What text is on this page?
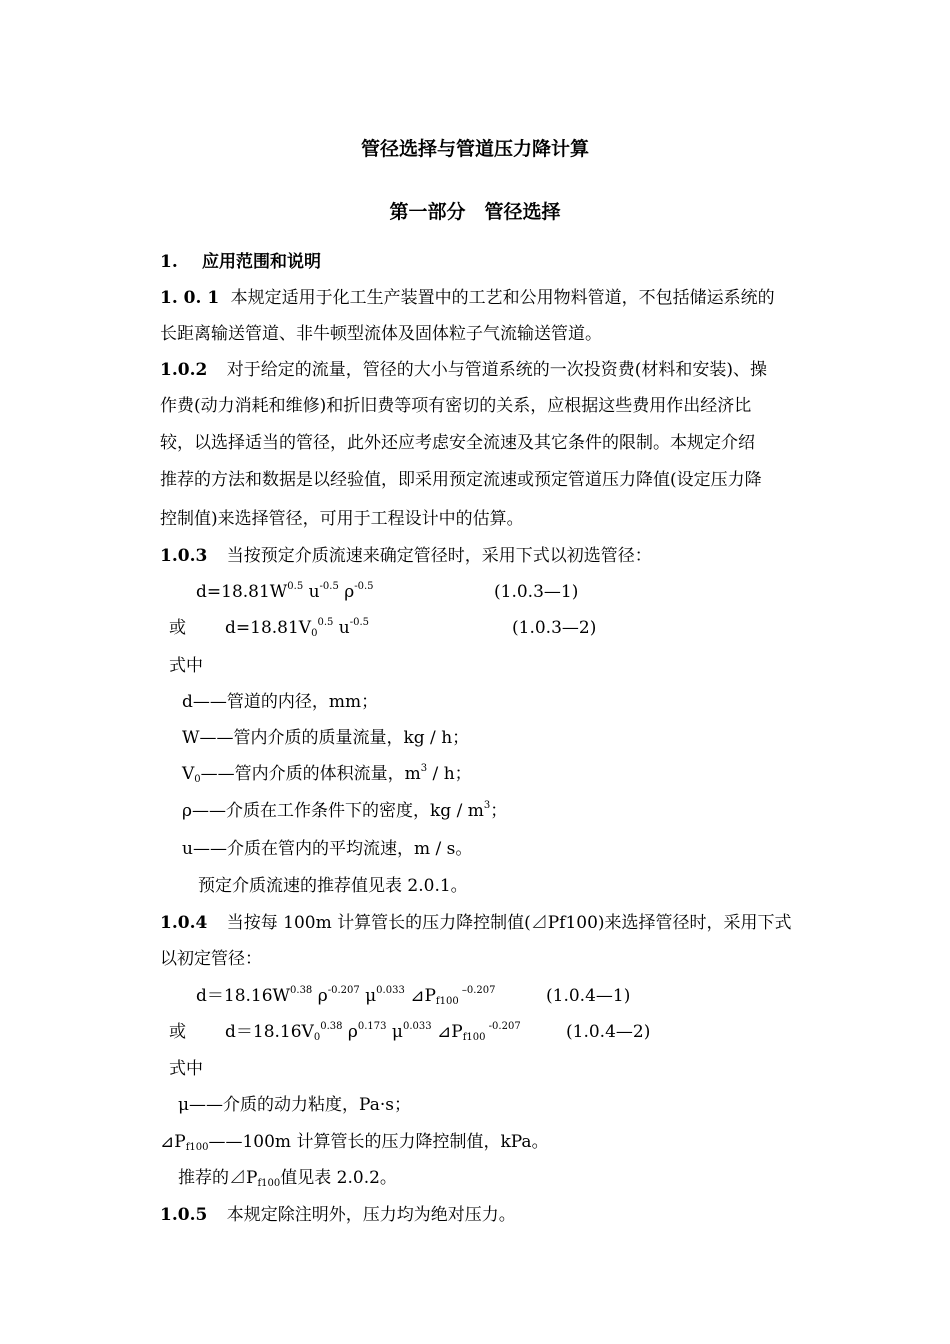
管径选择与管道压力降计算
第一部分　管径选择
1. 应用范围和说明
1. 0. 1 本规定适用于化工生产装置中的工艺和公用物料管道，不包括储运系统的
长距离输送管道、非牛顿型流体及固体粒子气流输送管道。
1.0.2 对于给定的流量，管径的大小与管道系统的一次投资费(材料和安装)、操
作费(动力消耗和维修)和折旧费等项有密切的关系，应根据这些费用作出经济比
较，以选择适当的管径，此外还应考虑安全流速及其它条件的限制。本规定介绍
推荐的方法和数据是以经验值，即采用预定流速或预定管道压力降值(设定压力降
控制值)来选择管径，可用于工程设计中的估算。
1.0.3 当按预定介质流速来确定管径时，采用下式以初选管径：
$d=18.81W^{0.5}$ $u^{-0.5}$ $\rho^{-0.5}$	(1.0.3—1)
或 $d=18.81V_0^{0.5}$ $u^{-0.5}$	(1.0.3—2)
式中
d——管道的内径，mm；
W——管内介质的质量流量，kg / h；
$V_0——$管内介质的体积流量，$m^3$ / h；
ρ——介质在工作条件下的密度，kg / $m^3$；
u——介质在管内的平均流速，m / s。
预定介质流速的推荐值见表 2.0.1。
1.0.4 当按每 100m 计算管长的压力降控制值(⊿Pf100)来选择管径时，采用下式
以初定管径：
$d=18.16W^{0.38}$ $\rho^{-0.207}$ $\mu^{0.033}$ $⊿P_{f100}$ $^{-0.207}$	(1.0.4—1)
或 $d=18.16V_0^{0.38}$ $\rho^{0.173}$ $\mu^{0.033}$ $⊿P_{f100}$ $^{-0.207}$	(1.0.4—2)
式中
μ——介质的动力粘度，Pa·s；
$⊿P_{f100}——100m$ 计算管长的压力降控制值，kPa。
推荐的$⊿P_{f100}$值见表 2.0.2。
1.0.5 本规定除注明外，压力均为绝对压力。
